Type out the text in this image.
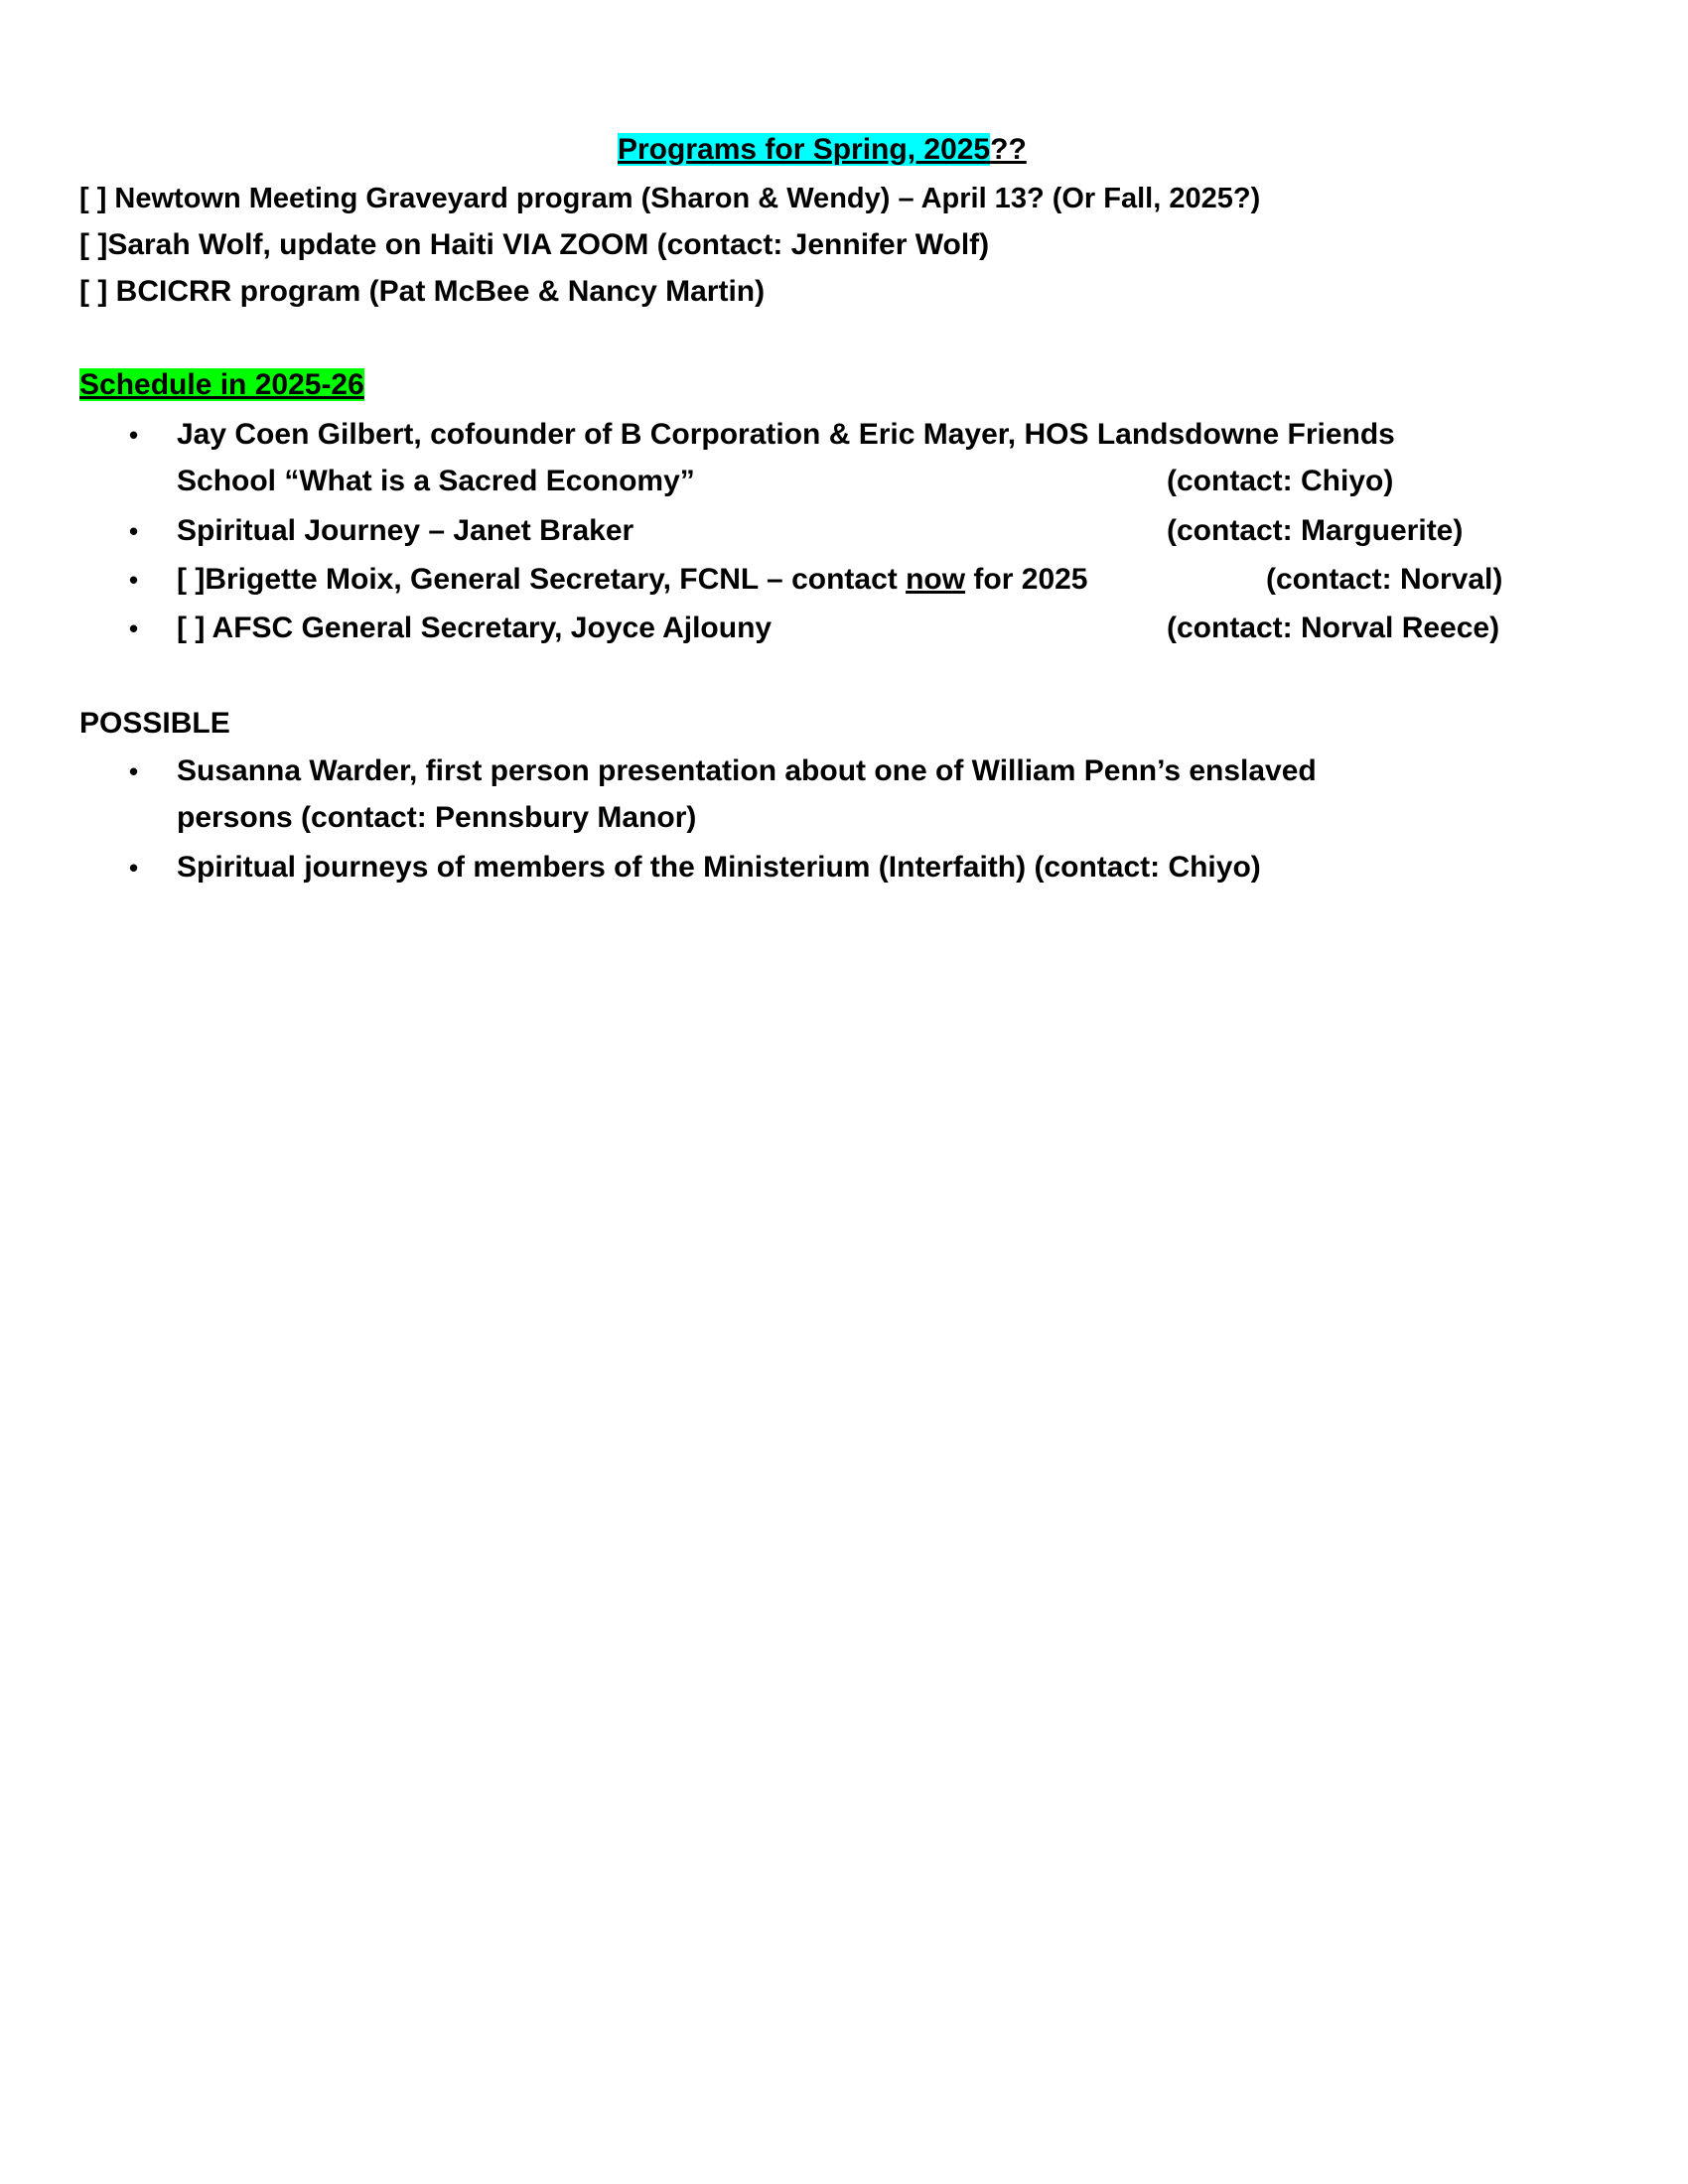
Programs for Spring, 2025??
[ ] Newtown Meeting Graveyard program (Sharon & Wendy) – April 13? (Or Fall, 2025?)
[ ]Sarah Wolf, update on Haiti VIA ZOOM (contact: Jennifer Wolf)
[ ] BCICRR program (Pat McBee & Nancy Martin)
Schedule in 2025-26
• Jay Coen Gilbert, cofounder of B Corporation & Eric Mayer, HOS Landsdowne Friends
School “What is a Sacred Economy”	(contact: Chiyo)
• Spiritual Journey – Janet Braker	(contact: Marguerite)
• [ ]Brigette Moix, General Secretary, FCNL – contact now for 2025	(contact: Norval)
• [ ] AFSC General Secretary, Joyce Ajlouny	(contact: Norval Reece)
POSSIBLE
• Susanna Warder, first person presentation about one of William Penn’s enslaved
persons (contact: Pennsbury Manor)
• Spiritual journeys of members of the Ministerium (Interfaith) (contact: Chiyo)
